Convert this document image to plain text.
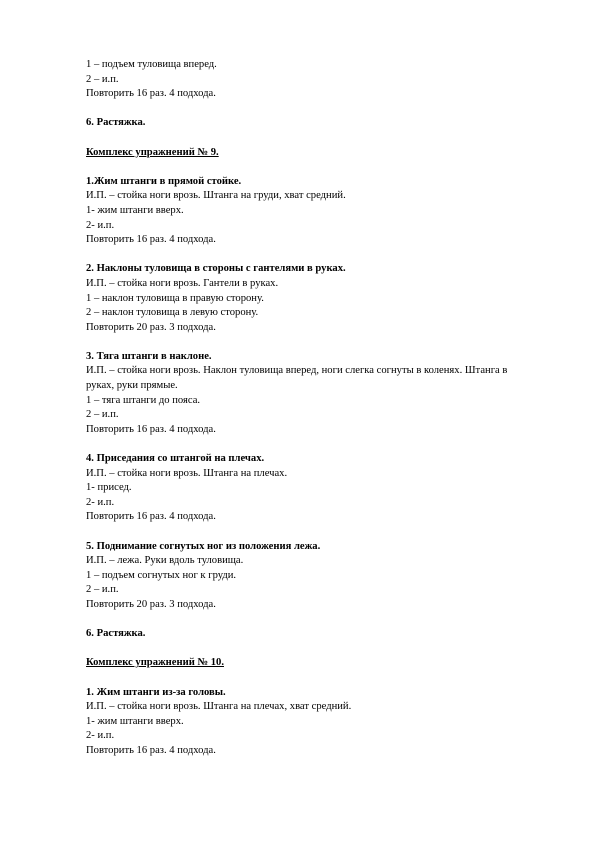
1 – подъем туловища вперед.
2 – и.п.
Повторить 16 раз. 4 подхода.
6. Растяжка.
Комплекс упражнений № 9.
1.Жим штанги в прямой стойке.
И.П. – стойка ноги врозь. Штанга на груди, хват средний.
1- жим штанги вверх.
2- и.п.
Повторить 16 раз. 4 подхода.
2. Наклоны туловища в стороны с гантелями в руках.
И.П. – стойка ноги врозь. Гантели в руках.
1 – наклон туловища в правую сторону.
2 – наклон туловища в левую сторону.
Повторить 20 раз. 3 подхода.
3. Тяга штанги в наклоне.
И.П. – стойка ноги врозь. Наклон туловища вперед, ноги слегка согнуты в коленях. Штанга в руках, руки прямые.
1 – тяга штанги до пояса.
2 – и.п.
Повторить 16 раз. 4 подхода.
4. Приседания со штангой на плечах.
И.П. – стойка ноги врозь. Штанга на плечах.
1- присед.
2- и.п.
Повторить 16 раз. 4 подхода.
5. Поднимание согнутых ног из положения лежа.
И.П. – лежа. Руки вдоль туловища.
1 – подъем согнутых ног к груди.
2 – и.п.
Повторить 20 раз. 3 подхода.
6. Растяжка.
Комплекс упражнений № 10.
1. Жим штанги из-за головы.
И.П. – стойка ноги врозь. Штанга на плечах, хват средний.
1- жим штанги вверх.
2- и.п.
Повторить 16 раз. 4 подхода.
